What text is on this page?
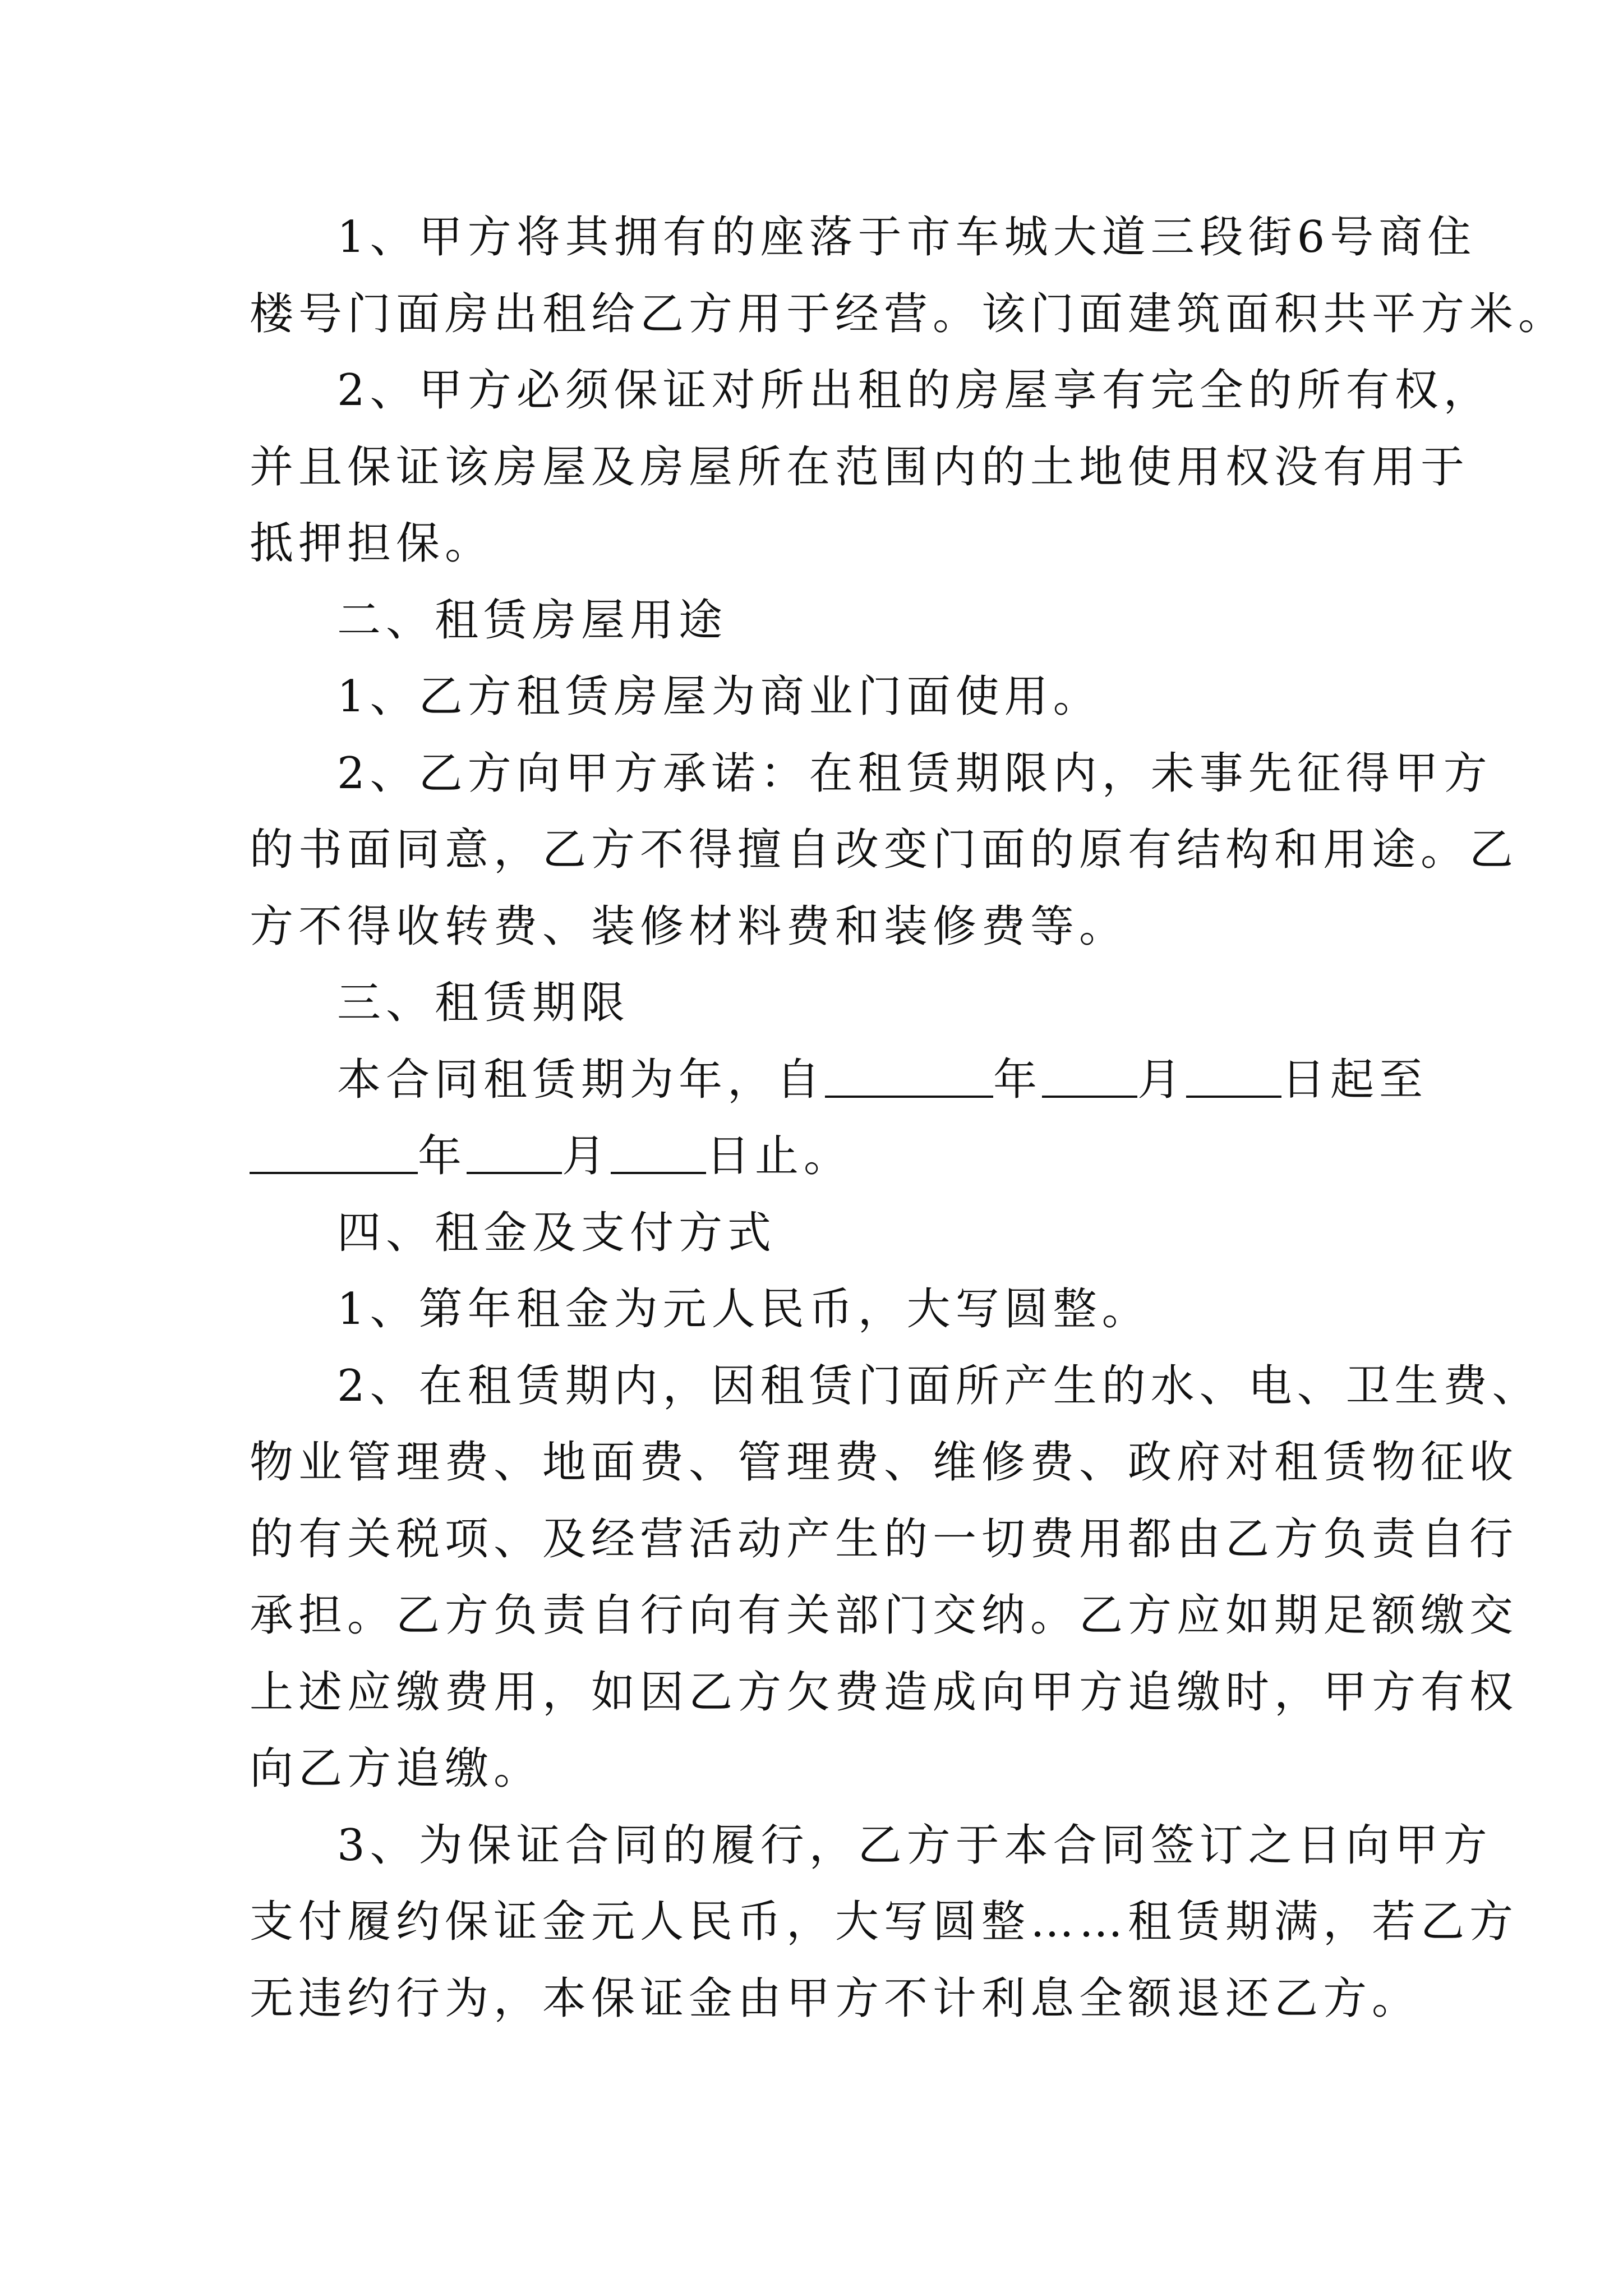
1、甲方将其拥有的座落于市车城大道三段街6号商住
楼号门面房出租给乙方用于经营。该门面建筑面积共平方米。
2、甲方必须保证对所出租的房屋享有完全的所有权，
并且保证该房屋及房屋所在范围内的土地使用权没有用于
抵押担保。
二、租赁房屋用途
1、乙方租赁房屋为商业门面使用。
2、乙方向甲方承诺：在租赁期限内，未事先征得甲方
的书面同意，乙方不得擅自改变门面的原有结构和用途。乙
方不得收转费、装修材料费和装修费等。
三、租赁期限
本合同租赁期为年，自	年 月 日起至
年 月 日止。
四、租金及支付方式
1、第年租金为元人民币，大写圆整。
2、在租赁期内，因租赁门面所产生的水、电、卫生费、
物业管理费、地面费、管理费、维修费、政府对租赁物征收
的有关税项、及经营活动产生的一切费用都由乙方负责自行
承担。乙方负责自行向有关部门交纳。乙方应如期足额缴交
上述应缴费用，如因乙方欠费造成向甲方追缴时，甲方有权
向乙方追缴。
3、为保证合同的履行，乙方于本合同签订之日向甲方
支付履约保证金元人民币，大写圆整……租赁期满，若乙方
无违约行为，本保证金由甲方不计利息全额退还乙方。
